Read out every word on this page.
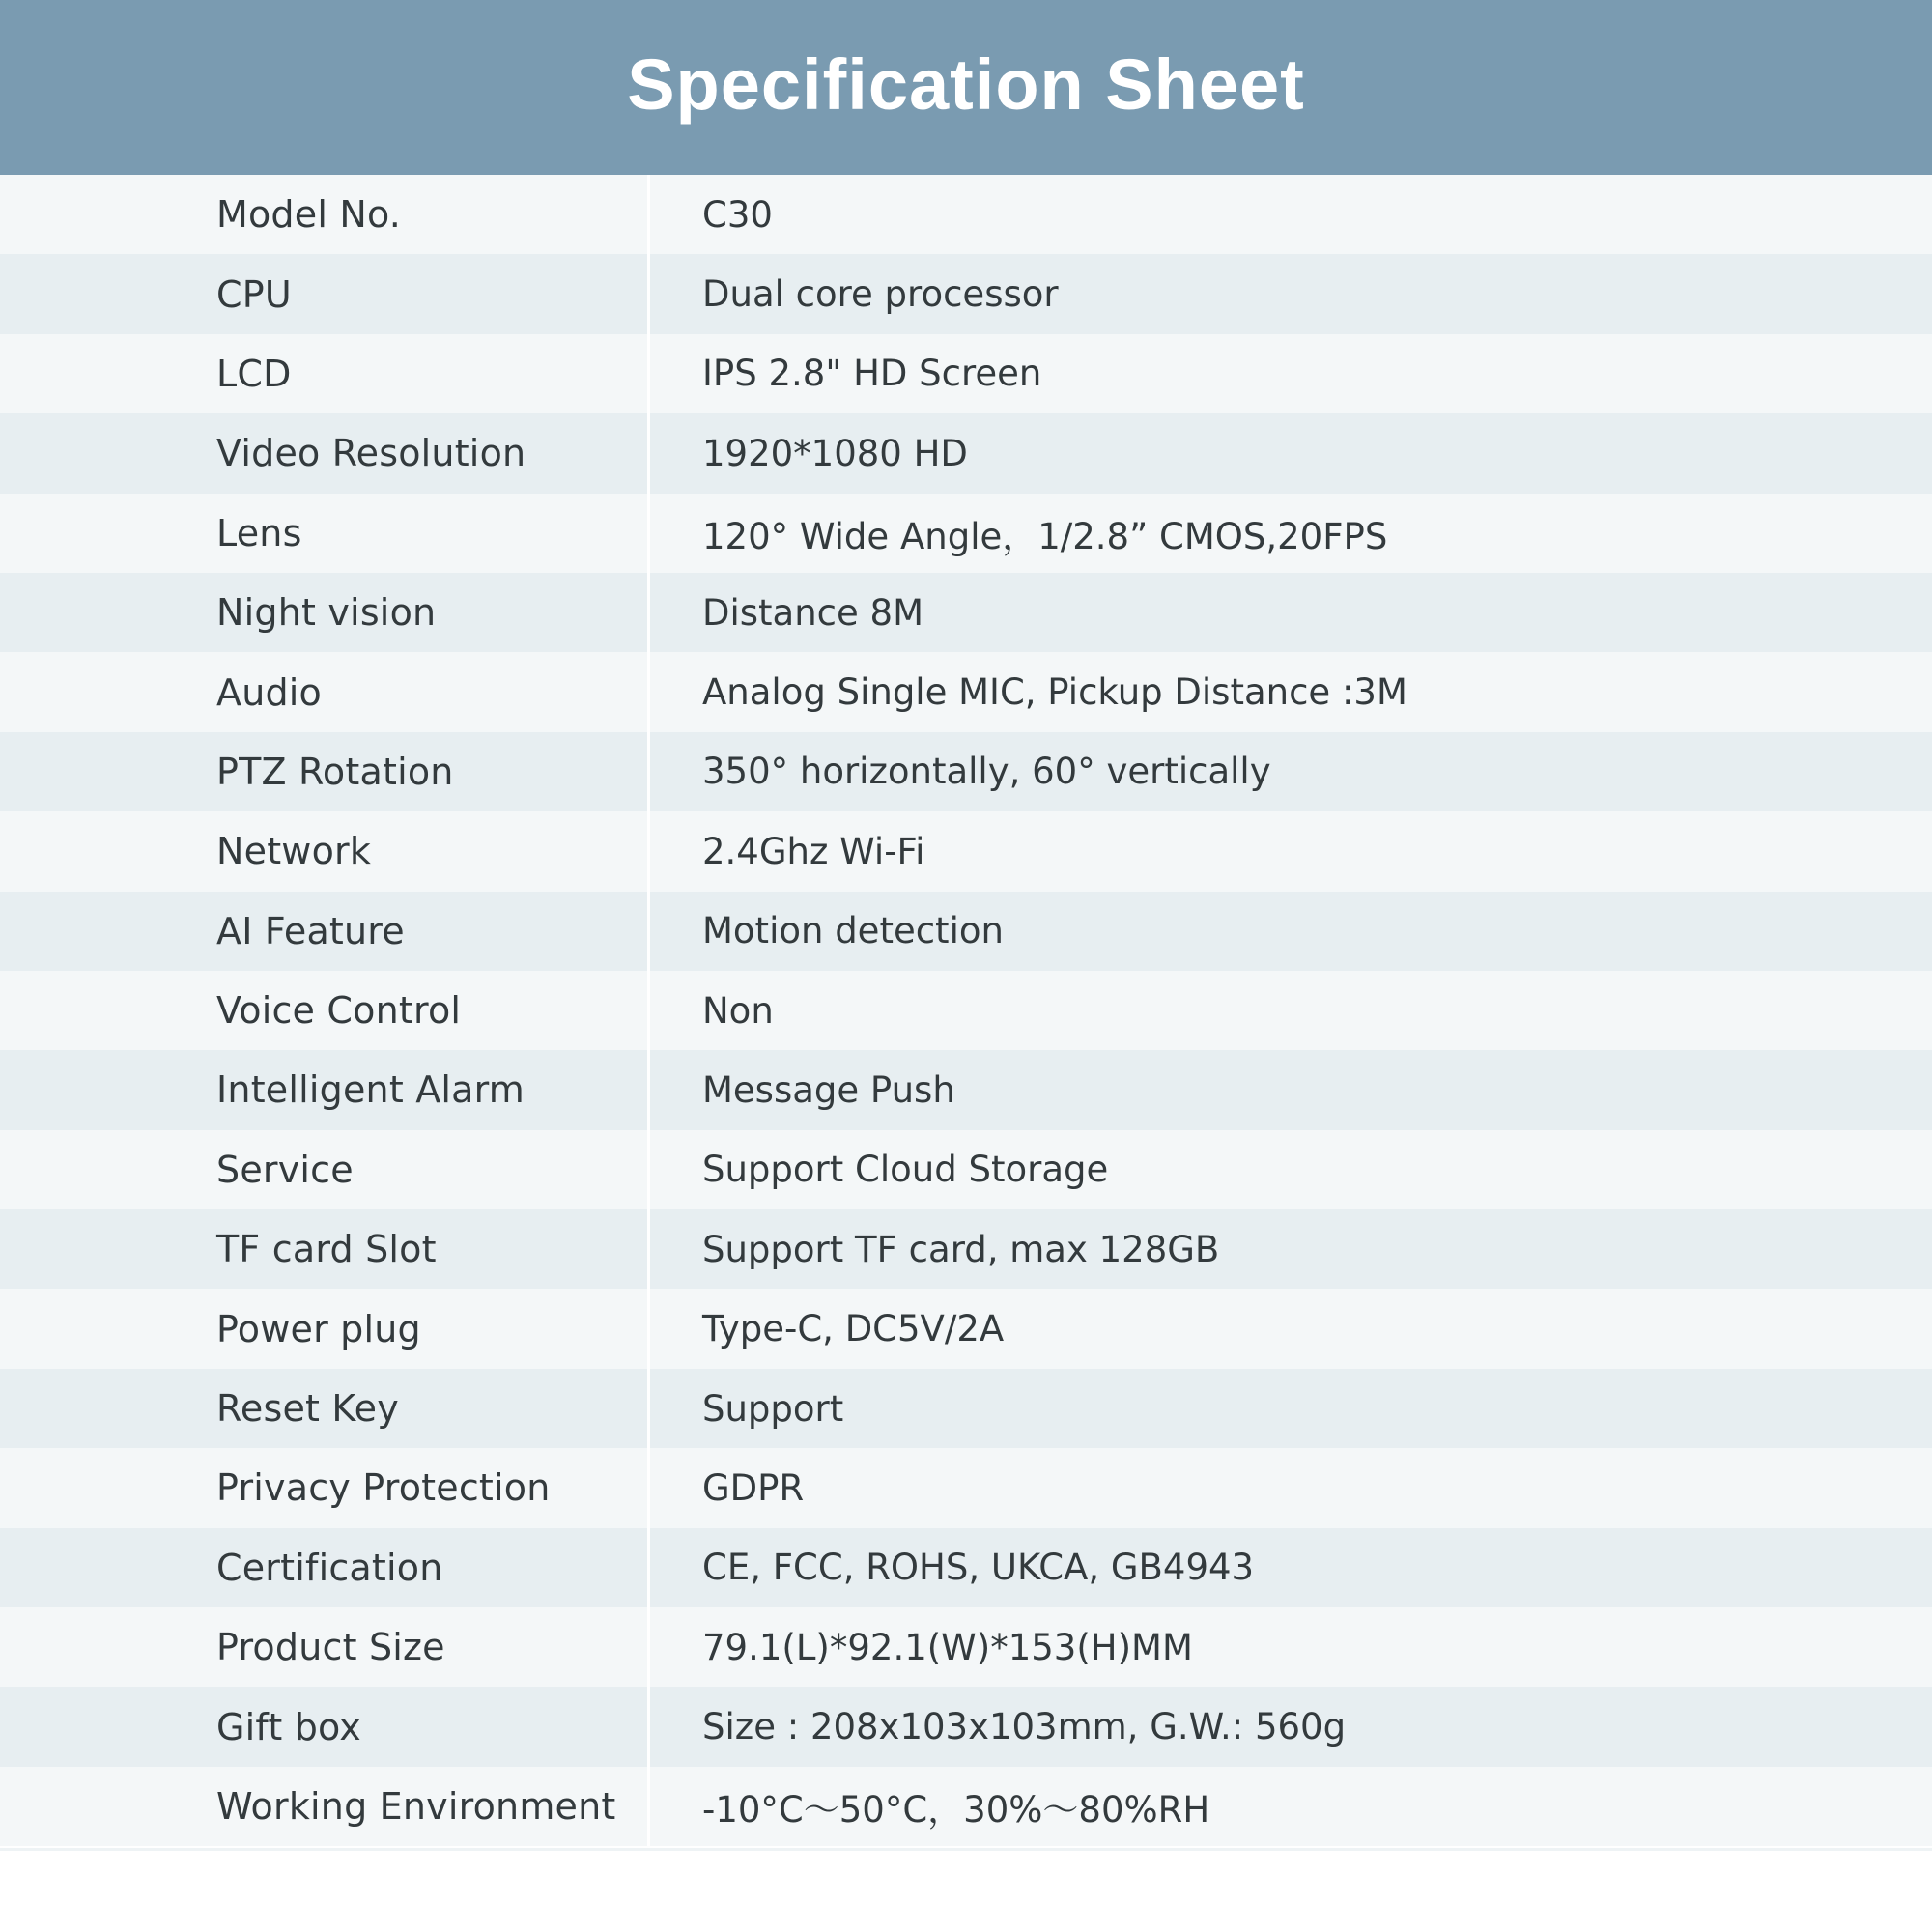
Specification Sheet
Model No.	C30
CPU	Dual core processor
LCD	IPS 2.8" HD Screen
Video Resolution	1920*1080 HD
Lens	120° Wide Angle，1/2.8” CMOS,20FPS
Night vision	Distance 8M
Audio	Analog Single MIC, Pickup Distance :3M
PTZ Rotation	350° horizontally, 60° vertically
Network	2.4Ghz Wi-Fi
AI Feature	Motion detection
Voice Control	Non
Intelligent Alarm	Message Push
Service	Support Cloud Storage
TF card Slot	Support TF card, max 128GB
Power plug	Type-C, DC5V/2A
Reset Key	Support
Privacy Protection	GDPR
Certification	CE, FCC, ROHS, UKCA, GB4943
Product Size	79.1(L)*92.1(W)*153(H)MM
Gift box	Size : 208x103x103mm, G.W.: 560g
Working Environment -10°C～50°C，30%～80%RH
